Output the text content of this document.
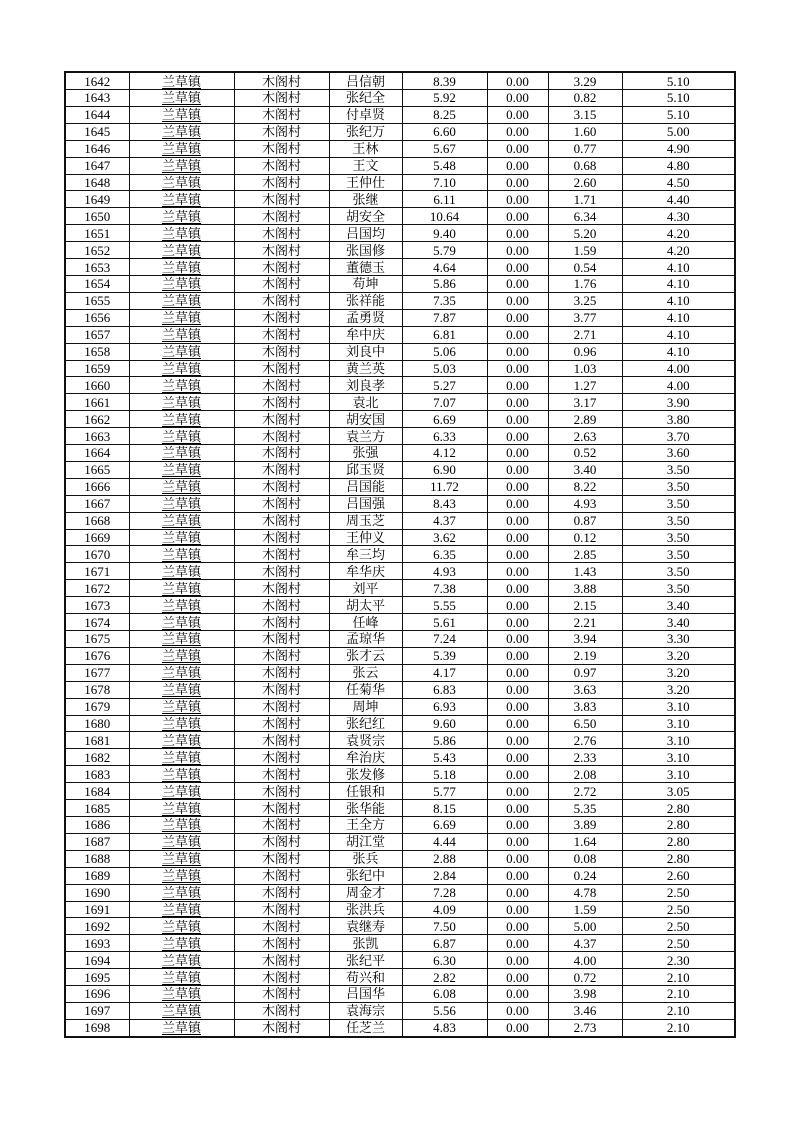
1642	兰草镇	木阁村	吕信朝	8.39	0.00	3.29	5.10
1643	兰草镇	木阁村	张纪全	5.92	0.00	0.82	5.10
1644	兰草镇	木阁村	付卓贤	8.25	0.00	3.15	5.10
1645	兰草镇	木阁村	张纪万	6.60	0.00	1.60	5.00
1646	兰草镇	木阁村	王林	5.67	0.00	0.77	4.90
1647	兰草镇	木阁村	王文	5.48	0.00	0.68	4.80
1648	兰草镇	木阁村	王仲仕	7.10	0.00	2.60	4.50
1649	兰草镇	木阁村	张继	6.11	0.00	1.71	4.40
1650	兰草镇	木阁村	胡安全	10.64	0.00	6.34	4.30
1651	兰草镇	木阁村	吕国均	9.40	0.00	5.20	4.20
1652	兰草镇	木阁村	张国修	5.79	0.00	1.59	4.20
1653	兰草镇	木阁村	董德玉	4.64	0.00	0.54	4.10
1654	兰草镇	木阁村	苟坤	5.86	0.00	1.76	4.10
1655	兰草镇	木阁村	张祥能	7.35	0.00	3.25	4.10
1656	兰草镇	木阁村	孟勇贤	7.87	0.00	3.77	4.10
1657	兰草镇	木阁村	牟中庆	6.81	0.00	2.71	4.10
1658	兰草镇	木阁村	刘良中	5.06	0.00	0.96	4.10
1659	兰草镇	木阁村	黄兰英	5.03	0.00	1.03	4.00
1660	兰草镇	木阁村	刘良孝	5.27	0.00	1.27	4.00
1661	兰草镇	木阁村	袁北	7.07	0.00	3.17	3.90
1662	兰草镇	木阁村	胡安国	6.69	0.00	2.89	3.80
1663	兰草镇	木阁村	袁兰方	6.33	0.00	2.63	3.70
1664	兰草镇	木阁村	张强	4.12	0.00	0.52	3.60
1665	兰草镇	木阁村	邱玉贤	6.90	0.00	3.40	3.50
1666	兰草镇	木阁村	吕国能	11.72	0.00	8.22	3.50
1667	兰草镇	木阁村	吕国强	8.43	0.00	4.93	3.50
1668	兰草镇	木阁村	周玉芝	4.37	0.00	0.87	3.50
1669	兰草镇	木阁村	王仲义	3.62	0.00	0.12	3.50
1670	兰草镇	木阁村	牟三均	6.35	0.00	2.85	3.50
1671	兰草镇	木阁村	牟华庆	4.93	0.00	1.43	3.50
1672	兰草镇	木阁村	刘平	7.38	0.00	3.88	3.50
1673	兰草镇	木阁村	胡太平	5.55	0.00	2.15	3.40
1674	兰草镇	木阁村	任峰	5.61	0.00	2.21	3.40
1675	兰草镇	木阁村	孟琼华	7.24	0.00	3.94	3.30
1676	兰草镇	木阁村	张才云	5.39	0.00	2.19	3.20
1677	兰草镇	木阁村	张云	4.17	0.00	0.97	3.20
1678	兰草镇	木阁村	任菊华	6.83	0.00	3.63	3.20
1679	兰草镇	木阁村	周坤	6.93	0.00	3.83	3.10
1680	兰草镇	木阁村	张纪红	9.60	0.00	6.50	3.10
1681	兰草镇	木阁村	袁贤宗	5.86	0.00	2.76	3.10
1682	兰草镇	木阁村	牟治庆	5.43	0.00	2.33	3.10
1683	兰草镇	木阁村	张发修	5.18	0.00	2.08	3.10
1684	兰草镇	木阁村	任银和	5.77	0.00	2.72	3.05
1685	兰草镇	木阁村	张华能	8.15	0.00	5.35	2.80
1686	兰草镇	木阁村	王全方	6.69	0.00	3.89	2.80
1687	兰草镇	木阁村	胡江堂	4.44	0.00	1.64	2.80
1688	兰草镇	木阁村	张兵	2.88	0.00	0.08	2.80
1689	兰草镇	木阁村	张纪中	2.84	0.00	0.24	2.60
1690	兰草镇	木阁村	周金才	7.28	0.00	4.78	2.50
1691	兰草镇	木阁村	张洪兵	4.09	0.00	1.59	2.50
1692	兰草镇	木阁村	袁继寿	7.50	0.00	5.00	2.50
1693	兰草镇	木阁村	张凯	6.87	0.00	4.37	2.50
1694	兰草镇	木阁村	张纪平	6.30	0.00	4.00	2.30
1695	兰草镇	木阁村	苟兴和	2.82	0.00	0.72	2.10
1696	兰草镇	木阁村	吕国华	6.08	0.00	3.98	2.10
1697	兰草镇	木阁村	袁海宗	5.56	0.00	3.46	2.10
1698	兰草镇	木阁村	任芝兰	4.83	0.00	2.73	2.10
